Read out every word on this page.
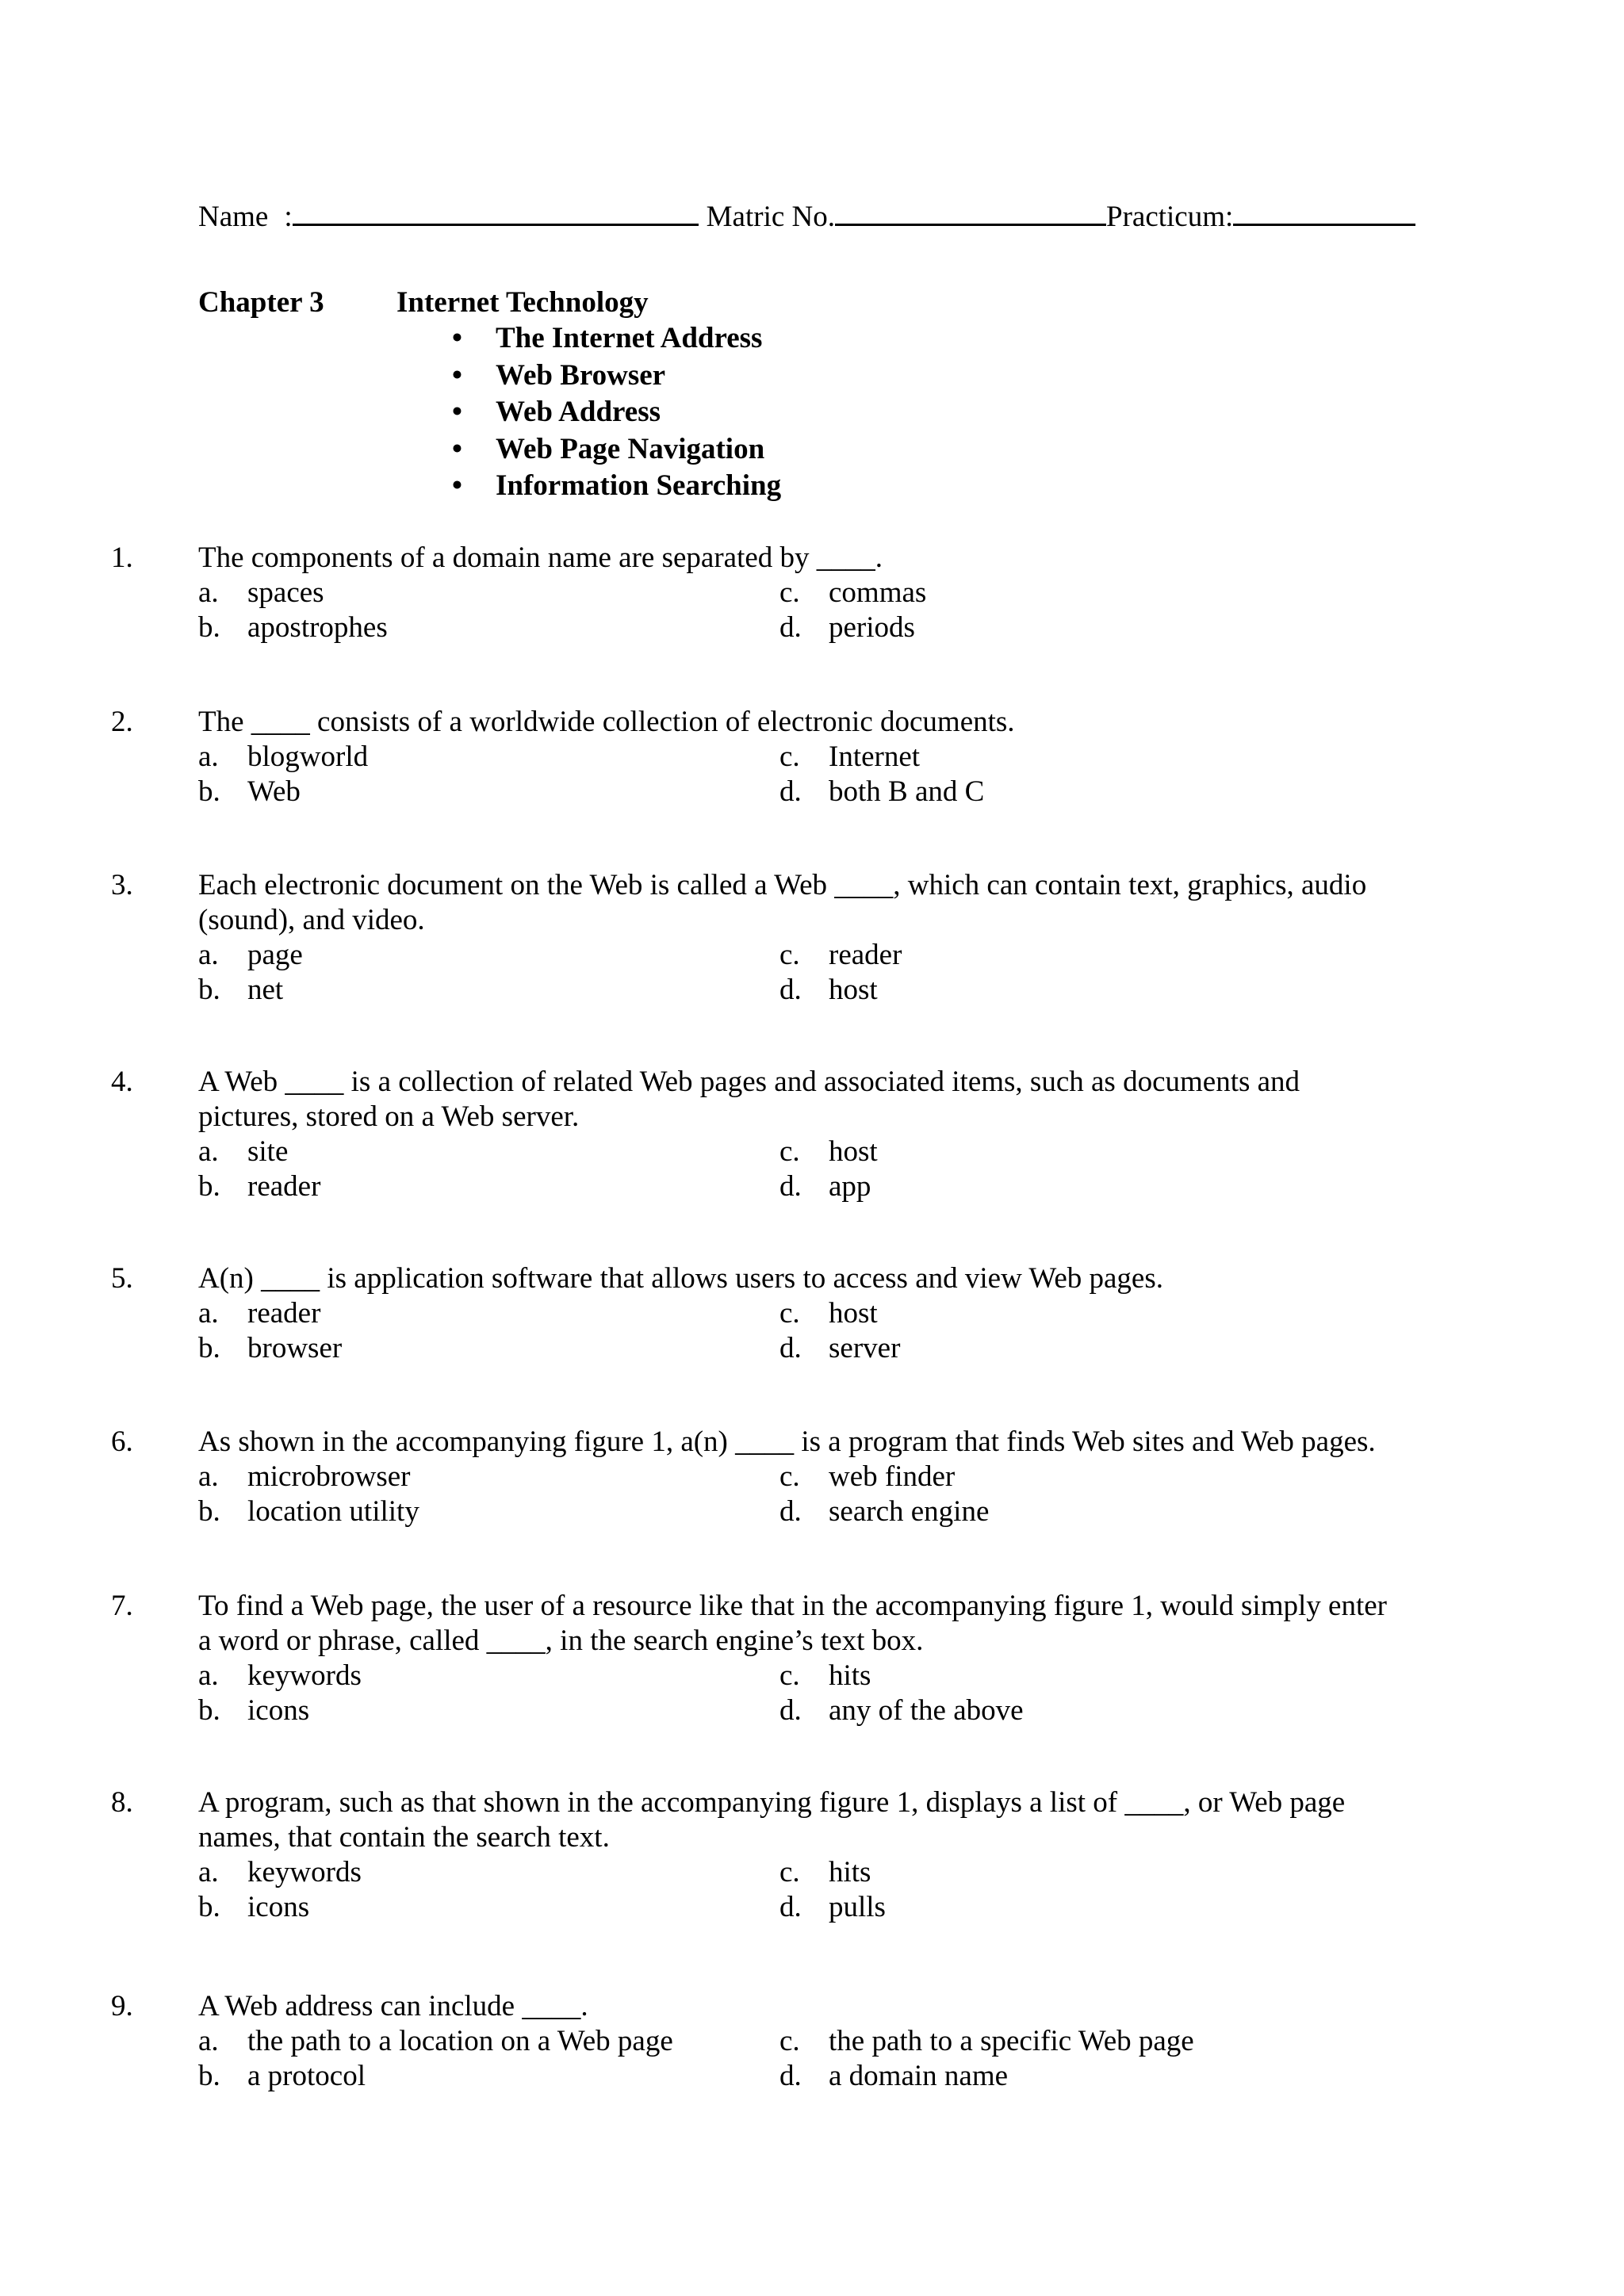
Name :	Matric No.	Practicum:
Chapter 3 Internet Technology
• The Internet Address
• Web Browser
• Web Address
• Web Page Navigation
• Information Searching
1. The components of a domain name are separated by ____.
a. spaces
b. apostrophes
c. commas
d. periods
2. The ____ consists of a worldwide collection of electronic documents.
a. blogworld
b. Web
c. Internet
d. both B and C
3. Each electronic document on the Web is called a Web ____, which can contain text, graphics, audio
(sound), and video.
a. page
b. net
c. reader
d. host
4. A Web ____ is a collection of related Web pages and associated items, such as documents and
pictures, stored on a Web server.
a. site
b. reader
c. host
d. app
5. A(n) ____ is application software that allows users to access and view Web pages.
a. reader
b. browser
c. host
d. server
6. As shown in the accompanying figure 1, a(n) ____ is a program that finds Web sites and Web pages.
a. microbrowser
b. location utility
c. web finder
d. search engine
7. To find a Web page, the user of a resource like that in the accompanying figure 1, would simply enter
a word or phrase, called ____, in the search engine’s text box.
a. keywords
b. icons
c. hits
d. any of the above
8. A program, such as that shown in the accompanying figure 1, displays a list of ____, or Web page
names, that contain the search text.
a. keywords
b. icons
c. hits
d. pulls
9. A Web address can include ____.
a. the path to a location on a Web page
b. a protocol
c. the path to a specific Web page
d. a domain name
